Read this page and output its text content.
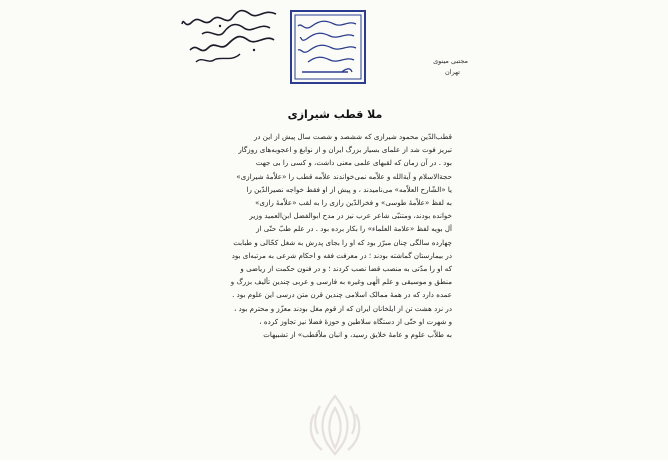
مجتبی مینوی
تهران
ملا قطب شیرازی
قطب‌الدّین محمود شیرازی که ششصد و شصت سال پیش از این در
تبریز فوت شد از علمای بسیار بزرگ ایران و از نوابغ و اعجوبه‌های روزگار
بود . در آن زمان که لقبهای علمی معنی داشت، و کسی را بی جهت
حجة‌الاسلام و آیةالله و علاّمه نمی‌خواندند علاّمه قطب را «علاّمهٔ شیرازی»
یا «الشّارح العلاّمه» می‌نامیدند ، و پیش از او فقط خواجه نصیرالدّین را
به لفظ «علاّمهٔ طوسی» و فخرالدّین رازی را به لقب «علاّمهٔ رازی»
خوانده بودند، ومتنبّی شاعر عرب نیز در مدح ابوالفضل ابن‌العمید وزیر
آل بویه لفظ «علامة العلماء» را بکار برده بود . در علم طبّ حتّی از
چهارده سالگی چنان مبرّز بود که او را بجای پدرش به شغل کحّالی و طبابت
در بیمارستان گماشته بودند ؛ در معرفت فقه و احکام شرعی به مرتبه‌ای بود
که او را مدّتی به منصب قضا نصب کردند ؛ و در فنون حکمت از ریاضی و
منطق و موسیقی و علم الٰهی وغیره به فارسی و عربی چندین تألیف بزرگ و
عمده دارد که در همهٔ ممالک اسلامی چندین قرن متن درسی این علوم بود .
در نزد هشت تن از ایلخانان ایران که از قوم مغل بودند معزّز و محترم بود ،
و شهرت او حتّی از دستگاه سلاطین و حوزهٔ فضلا نیز تجاوز کرده ،
به طلاّب علوم و عامهٔ خلایق رسید، و انبان ملاّقطب» از تشبیهات
